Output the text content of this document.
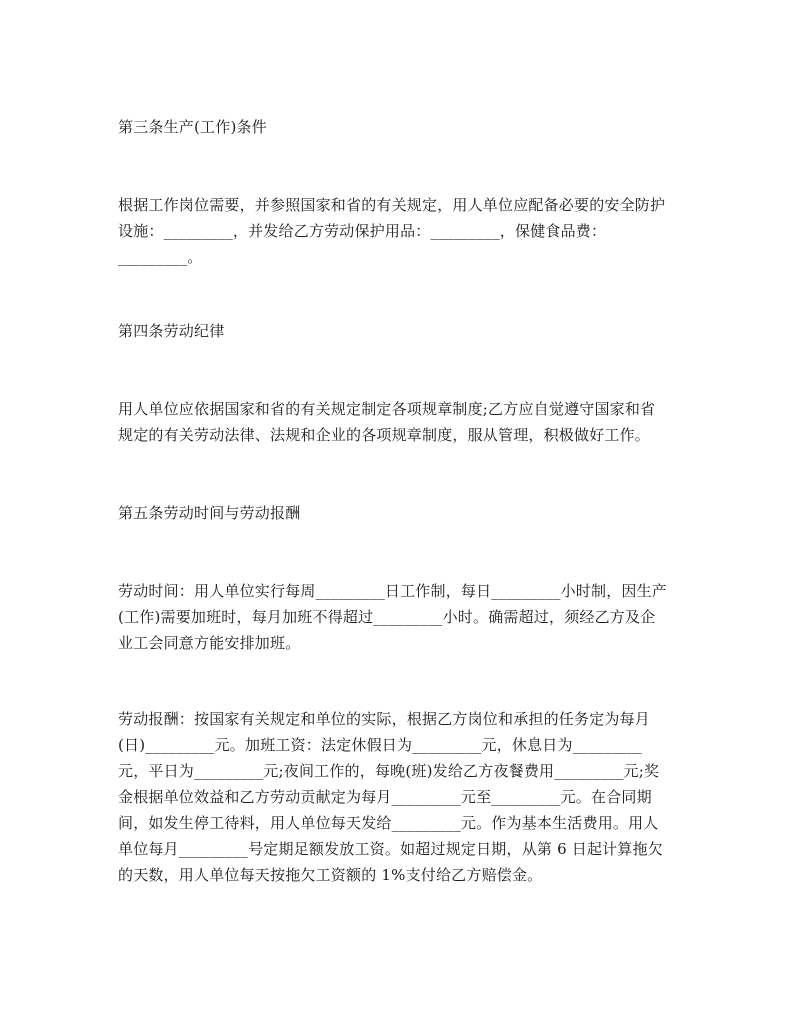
第三条生产(工作)条件
根据工作岗位需要，并参照国家和省的有关规定，用人单位应配备必要的安全防护
设施：_________，并发给乙方劳动保护用品：_________，保健食品费：
_________。
第四条劳动纪律
用人单位应依据国家和省的有关规定制定各项规章制度;乙方应自觉遵守国家和省
规定的有关劳动法律、法规和企业的各项规章制度，服从管理，积极做好工作。
第五条劳动时间与劳动报酬
劳动时间：用人单位实行每周_________日工作制，每日_________小时制，因生产
(工作)需要加班时，每月加班不得超过_________小时。确需超过，须经乙方及企
业工会同意方能安排加班。
劳动报酬：按国家有关规定和单位的实际，根据乙方岗位和承担的任务定为每月
(日)_________元。加班工资：法定休假日为_________元，休息日为_________
元，平日为_________元;夜间工作的，每晚(班)发给乙方夜餐费用_________元;奖
金根据单位效益和乙方劳动贡献定为每月_________元至_________元。在合同期
间，如发生停工待料，用人单位每天发给_________元。作为基本生活费用。用人
单位每月_________号定期足额发放工资。如超过规定日期，从第 6 日起计算拖欠
的天数，用人单位每天按拖欠工资额的 1%支付给乙方赔偿金。
